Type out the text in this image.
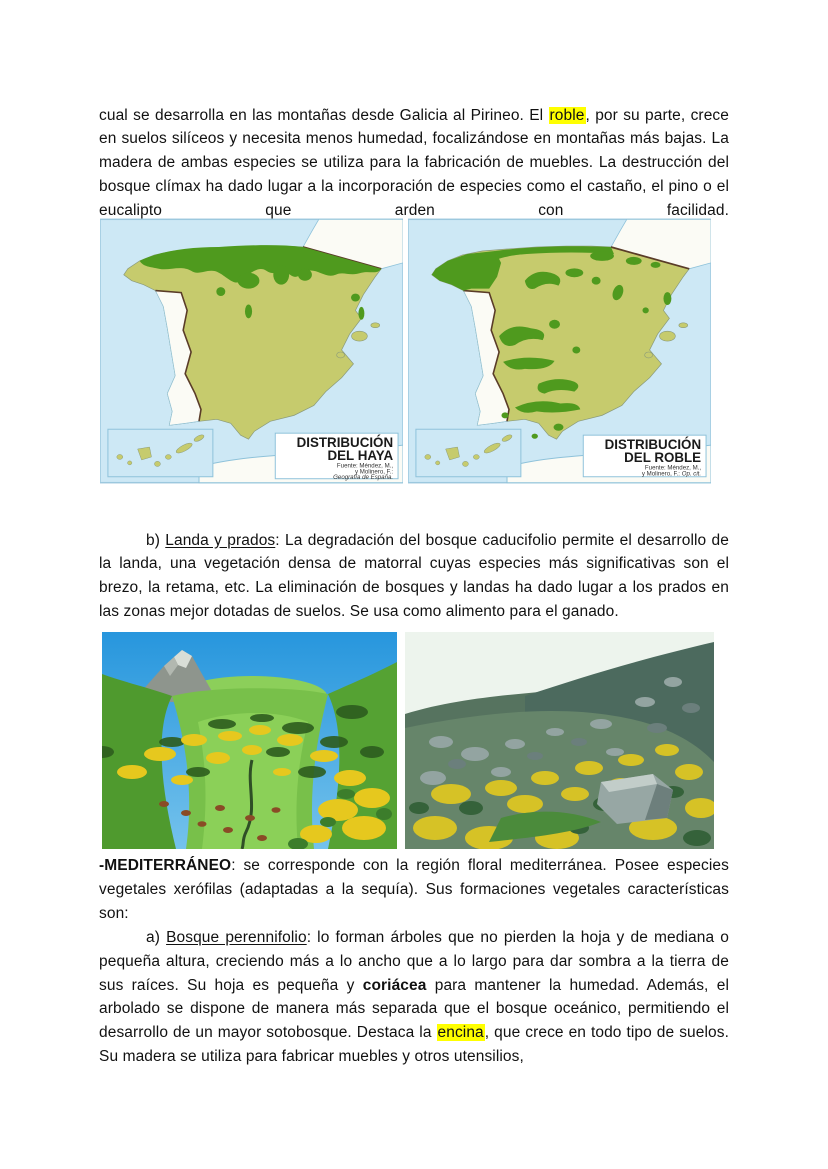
cual se desarrolla en las montañas desde Galicia al Pirineo. El roble, por su parte, crece en suelos silíceos y necesita menos humedad, focalizándose en montañas más bajas. La madera de ambas especies se utiliza para la fabricación de muebles. La destrucción del bosque clímax ha dado lugar a la incorporación de especies como el castaño, el pino o el eucalipto que arden con facilidad.

DISTRIBUCIÓN
DEL HAYA
Fuente: Méndez, M.,
y Molinero, F.:
Geografía de España.
DISTRIBUCIÓN
DEL ROBLE
Fuente: Méndez, M.,
y Molinero, F.: Op. cit.

b) Landa y prados: La degradación del bosque caducifolio permite el desarrollo de la landa, una vegetación densa de matorral cuyas especies más significativas son el brezo, la retama, etc. La eliminación de bosques y landas ha dado lugar a los prados en las zonas mejor dotadas de suelos. Se usa como alimento para el ganado.

-MEDITERRÁNEO: se corresponde con la región floral mediterránea. Posee especies vegetales xerófilas (adaptadas a la sequía). Sus formaciones vegetales características son:

a) Bosque perennifolio: lo forman árboles que no pierden la hoja y de mediana o pequeña altura, creciendo más a lo ancho que a lo largo para dar sombra a la tierra de sus raíces. Su hoja es pequeña y coriácea para mantener la humedad. Además, el arbolado se dispone de manera más separada que el bosque oceánico, permitiendo el desarrollo de un mayor sotobosque. Destaca la encina, que crece en todo tipo de suelos. Su madera se utiliza para fabricar muebles y otros utensilios,
